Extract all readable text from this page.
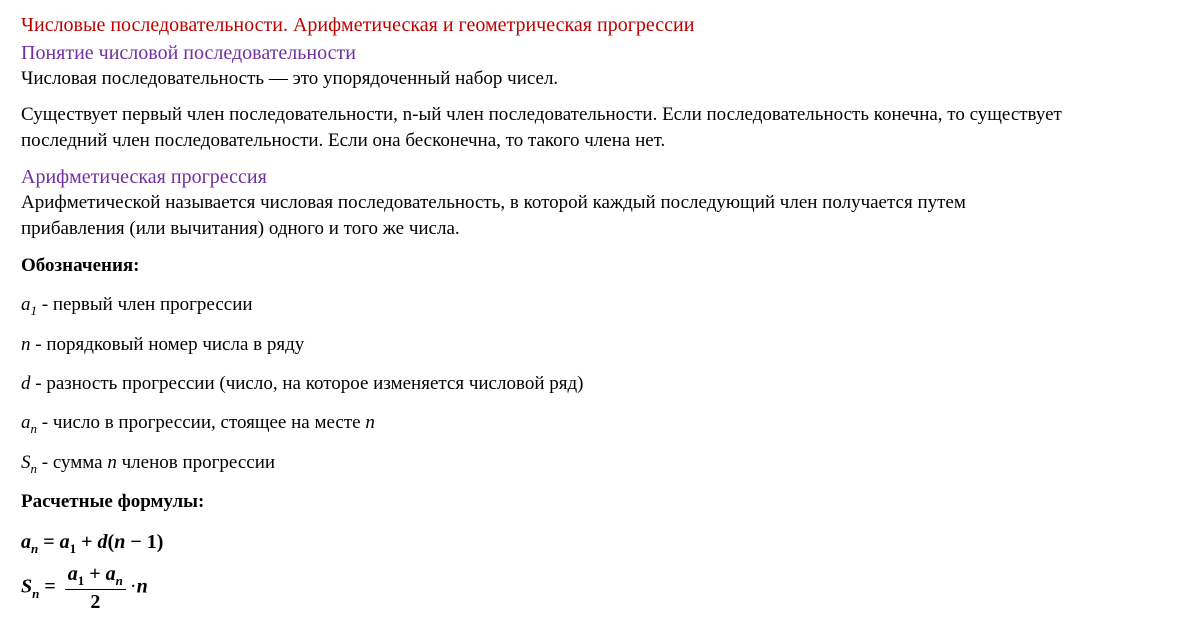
Числовые последовательности. Арифметическая и геометрическая прогрессии
Понятие числовой последовательности

Числовая последовательность — это упорядоченный набор чисел.

Существует первый член последовательности, n-ый член последовательности. Если последовательность конечна, то существует

последний член последовательности. Если она бесконечна, то такого члена нет.

Арифметическая прогрессия

Арифметической называется числовая последовательность, в которой каждый последующий член получается путем

прибавления (или вычитания) одного и того же числа.

Обозначения:

$a_1$ - первый член прогрессии
n - порядковый номер числа в ряду
d - разность прогрессии (число, на которое изменяется числовой ряд)
$a_n$ - число в прогрессии, стоящее на месте n
$S_n$ - сумма n членов прогрессии

Расчетные формулы:

$a_n = a_1 + d(n - 1)$
$S_n = \frac{a_1 + a_n}{2} \cdot n$
